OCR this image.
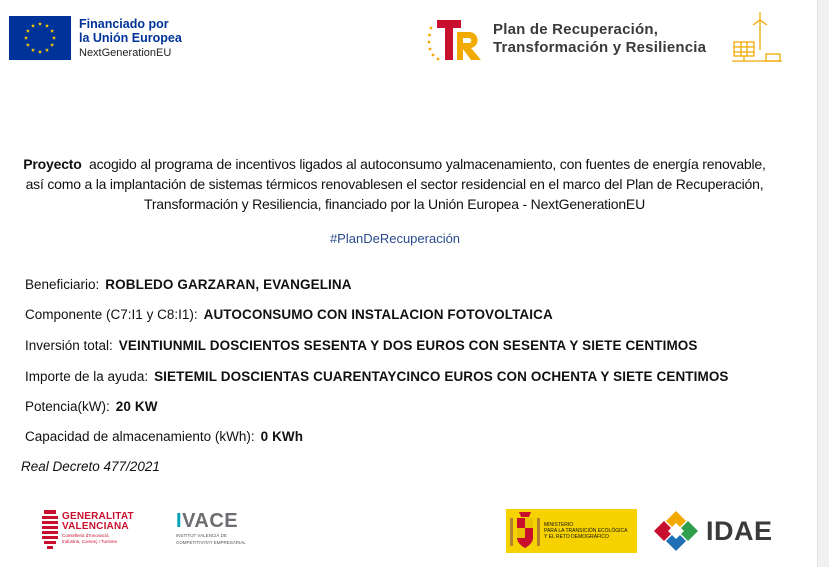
Financiado por
la Unión Europea
NextGenerationEU
Plan de Recuperación,
Transformación y Resiliencia

Proyecto acogido al programa de incentivos ligados al autoconsumo yalmacenamiento, con fuentes de energía renovable, así como a la implantación de sistemas térmicos renovablesen el sector residencial en el marco del Plan de Recuperación, Transformación y Resiliencia, financiado por la Unión Europea - NextGenerationEU

#PlanDeRecuperación
Beneficiario: ROBLEDO GARZARAN, EVANGELINA
Componente (C7:I1 y C8:I1): AUTOCONSUMO CON INSTALACION FOTOVOLTAICA
Inversión total: VEINTIUNMIL DOSCIENTOS SESENTA Y DOS EUROS CON SESENTA Y SIETE CENTIMOS
Importe de la ayuda: SIETEMIL DOSCIENTAS CUARENTAYCINCO EUROS CON OCHENTA Y SIETE CENTIMOS
Potencia(kW): 20 KW
Capacidad de almacenamiento (kWh): 0 KWh
Real Decreto 477/2021
GENERALITAT
VALENCIANA
Conselleria d'Innovació,
Indústria, Comerç i Turisme
IVACE
INSTITUT VALENCIÀ DE
COMPETITIVITAT EMPRESARIAL
MINISTERIO
PARA LA TRANSICIÓN ECOLÓGICA
Y EL RETO DEMOGRÁFICO	IDAE
